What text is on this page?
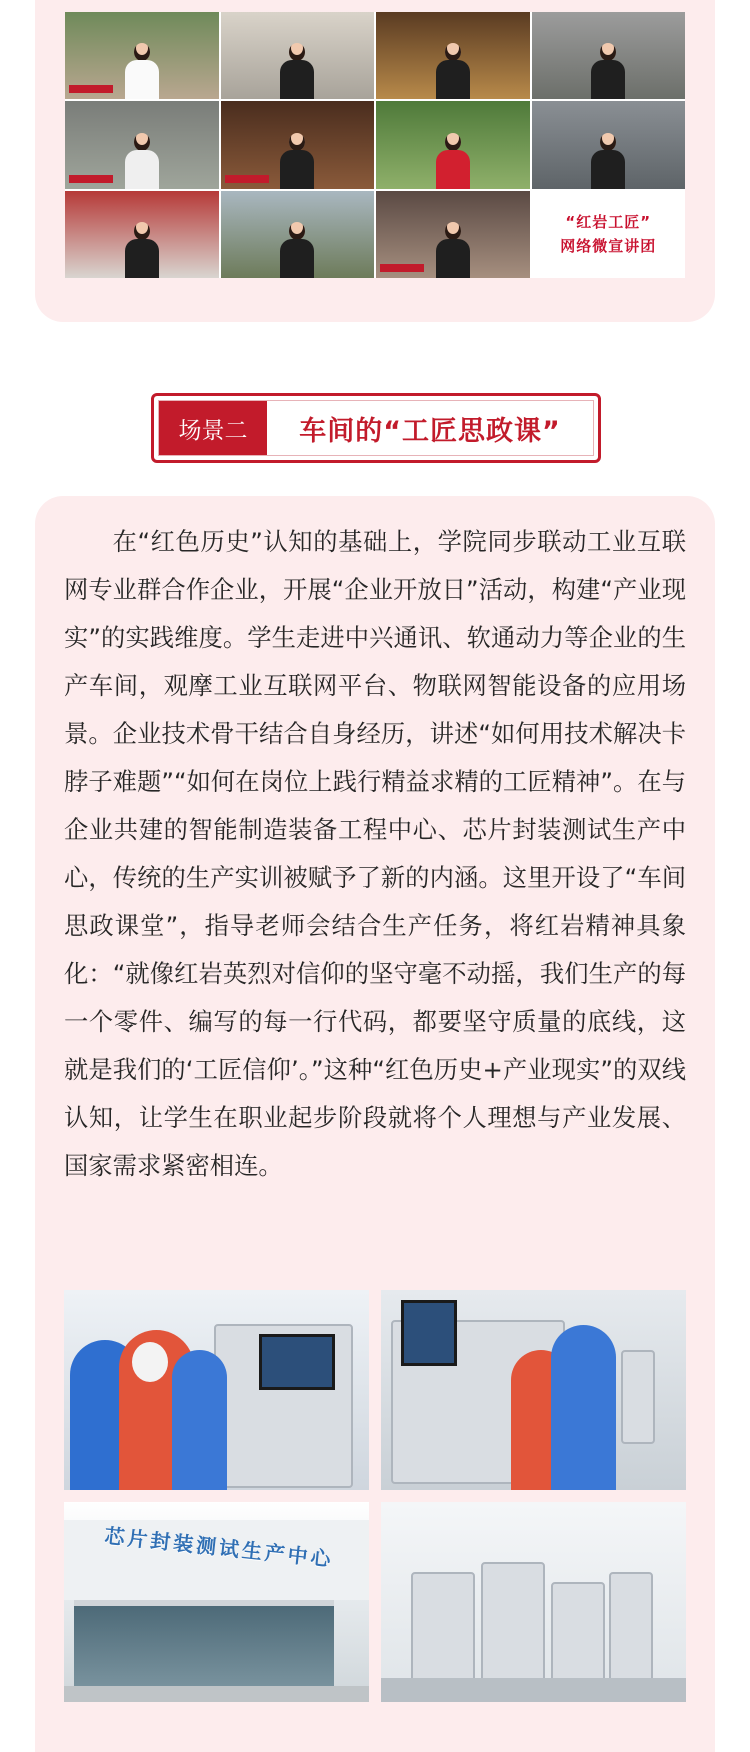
“红岩工匠”
网络微宣讲团
场景二	车间的“工匠思政课”

在“红色历史”认知的基础上，学院同步联动工业互联网专业群合作企业，开展“企业开放日”活动，构建“产业现实”的实践维度。学生走进中兴通讯、软通动力等企业的生产车间，观摩工业互联网平台、物联网智能设备的应用场景。企业技术骨干结合自身经历，讲述“如何用技术解决卡脖子难题”“如何在岗位上践行精益求精的工匠精神”。在与企业共建的智能制造装备工程中心、芯片封装测试生产中心，传统的生产实训被赋予了新的内涵。这里开设了“车间思政课堂”，指导老师会结合生产任务，将红岩精神具象化：“就像红岩英烈对信仰的坚守毫不动摇，我们生产的每一个零件、编写的每一行代码，都要坚守质量的底线，这就是我们的‘工匠信仰’。”这种“红色历史+产业现实”的双线认知，让学生在职业起步阶段就将个人理想与产业发展、国家需求紧密相连。

芯片封装测试生产中心
